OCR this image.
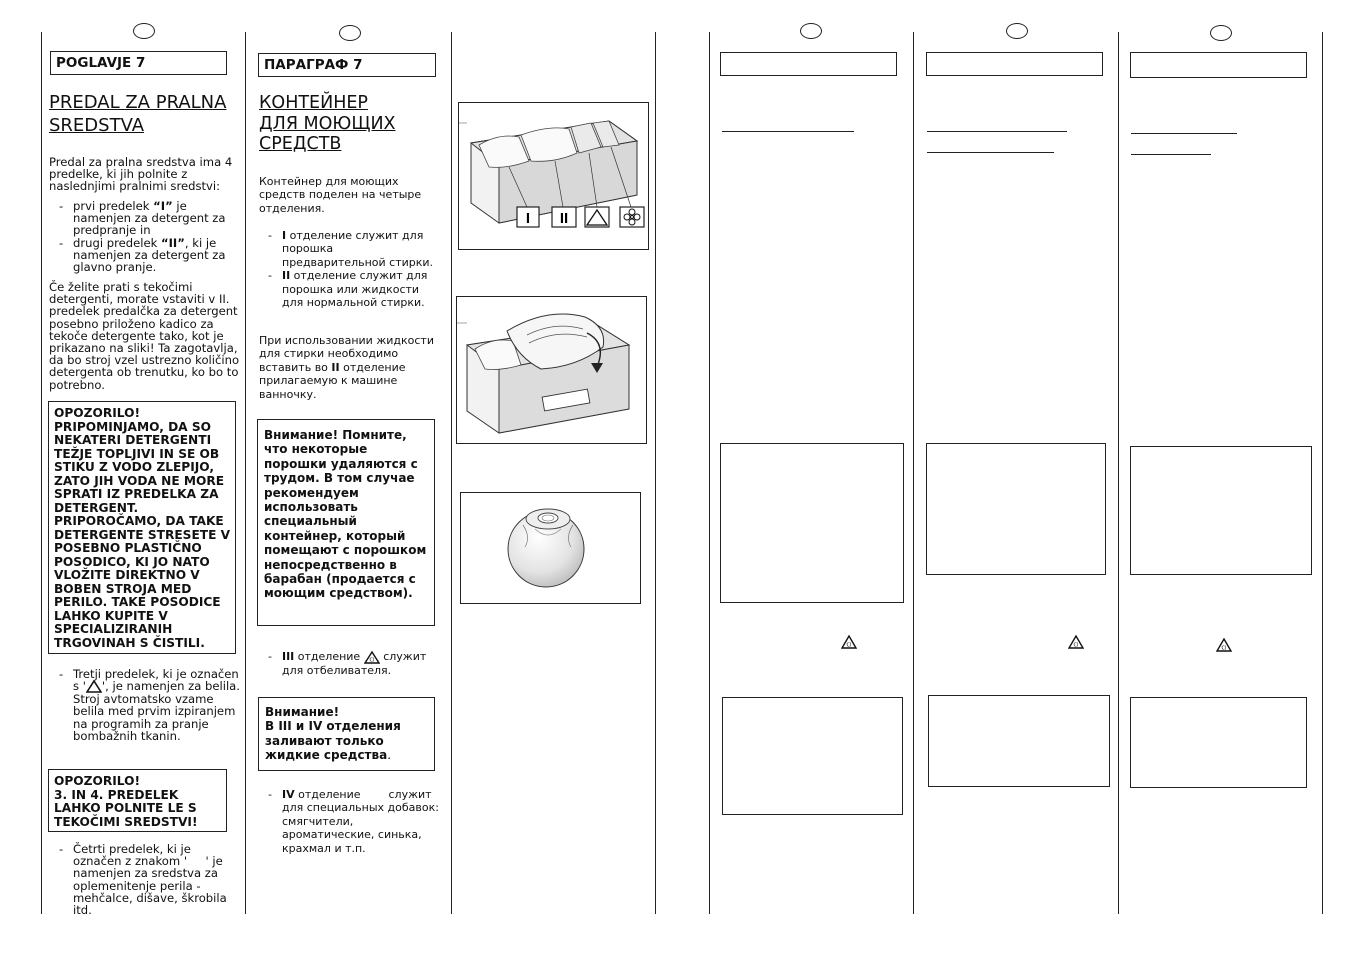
POGLAVJE 7
PREDAL ZA PRALNA
SREDSTVA
Predal za pralna sredstva ima 4 predelke, ki jih polnite z naslednjimi pralnimi sredstvi:
- prvi predelek “I” je namenjen za detergent za predpranje in
- drugi predelek “II”, ki je namenjen za detergent za glavno pranje.
Če želite prati s tekočimi detergenti, morate vstaviti v II. predelek predalčka za detergent posebno priloženo kadico za tekoče detergente tako, kot je prikazano na sliki! Ta zagotavlja, da bo stroj vzel ustrezno količino detergenta ob trenutku, ko bo to potrebno.
OPOZORILO! PRIPOMINJAMO, DA SO NEKATERI DETERGENTI TEŽJE TOPLJIVI IN SE OB STIKU Z VODO ZLEPIJO, ZATO JIH VODA NE MORE SPRATI IZ PREDELKA ZA DETERGENT. PRIPOROČAMO, DA TAKE DETERGENTE STRESETE V POSEBNO PLASTIČNO POSODICO, KI JO NATO VLOŽITE DIREKTNO V BOBEN STROJA MED PERILO. TAKE POSODICE LAHKO KUPITE V SPECIALIZIRANIH TRGOVINAH S ČISTILI.
- Tretji predelek, ki je označen s ' ', je namenjen za belila. Stroj avtomatsko vzame belila med prvim izpiranjem na programih za pranje bombažnih tkanin.
OPOZORILO!
3. IN 4. PREDELEK LAHKO POLNITE LE S TEKOČIMI SREDSTVI!
- Četrti predelek, ki je označen z znakom ' ' je namenjen za sredstva za oplemenitenje perila - mehčalce, dišave, škrobila itd.
ПАРАГРАФ 7
КОНТЕЙНЕР
ДЛЯ МОЮЩИХ
СРЕДСТВ
Контейнер для моющих средств поделен на четыре отделения.
- I отделение служит для порошка предварительной стирки.
- II отделение служит для порошка или жидкости для нормальной стирки.
При использовании жидкости для стирки необходимо вставить во II отделение прилагаемую к машине ванночку.
Внимание! Помните, что некоторые порошки удаляются с трудом. В том случае рекомендуем использовать специальный контейнер, который помещают с порошком непосредственно в барабан (продается с моющим средством).
- III отделение Cl служит для отбеливателя.
Внимание!
В III и IV отделения заливают только жидкие средства.
- IV отделение        служит для специальных добавок: смягчители, ароматические, синька, крахмал и т.п.
I II
Cl	Cl	Cl
